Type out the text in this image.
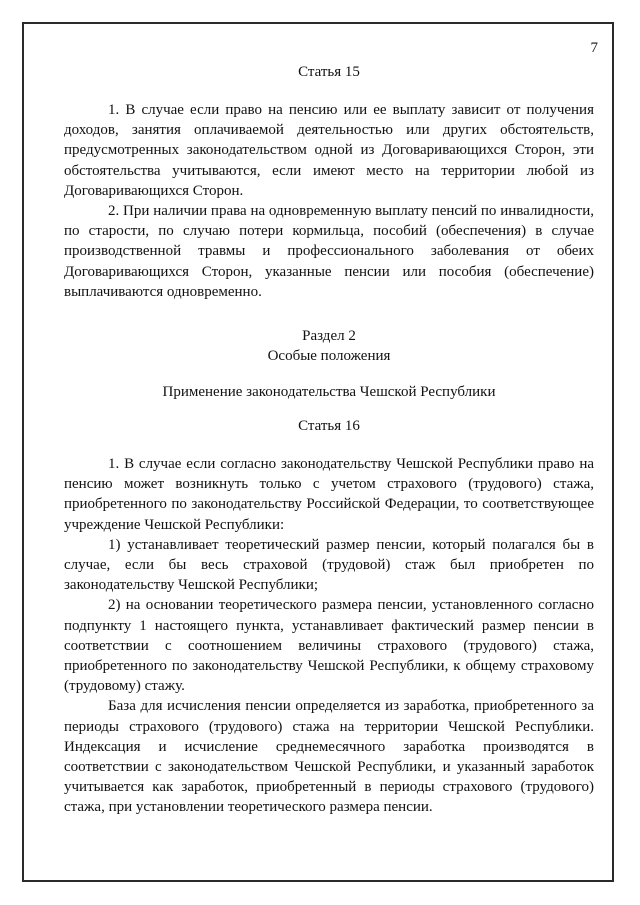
7

Статья 15

1. В случае если право на пенсию или ее выплату зависит от получения доходов, занятия оплачиваемой деятельностью или других обстоятельств, предусмотренных законодательством одной из Договаривающихся Сторон, эти обстоятельства учитываются, если имеют место на территории любой из Договаривающихся Сторон.

2. При наличии права на одновременную выплату пенсий по инвалидности, по старости, по случаю потери кормильца, пособий (обеспечения) в случае производственной травмы и профессионального заболевания от обеих Договаривающихся Сторон, указанные пенсии или пособия (обеспечение) выплачиваются одновременно.

Раздел 2

Особые положения

Применение законодательства Чешской Республики

Статья 16

1. В случае если согласно законодательству Чешской Республики право на пенсию может возникнуть только с учетом страхового (трудового) стажа, приобретенного по законодательству Российской Федерации, то соответствующее учреждение Чешской Республики:

1) устанавливает теоретический размер пенсии, который полагался бы в случае, если бы весь страховой (трудовой) стаж был приобретен по законодательству Чешской Республики;

2) на основании теоретического размера пенсии, установленного согласно подпункту 1 настоящего пункта, устанавливает фактический размер пенсии в соответствии с соотношением величины страхового (трудового) стажа, приобретенного по законодательству Чешской Республики, к общему страховому (трудовому) стажу.

База для исчисления пенсии определяется из заработка, приобретенного за периоды страхового (трудового) стажа на территории Чешской Республики. Индексация и исчисление среднемесячного заработка производятся в соответствии с законодательством Чешской Республики, и указанный заработок учитывается как заработок, приобретенный в периоды страхового (трудового) стажа, при установлении теоретического размера пенсии.
